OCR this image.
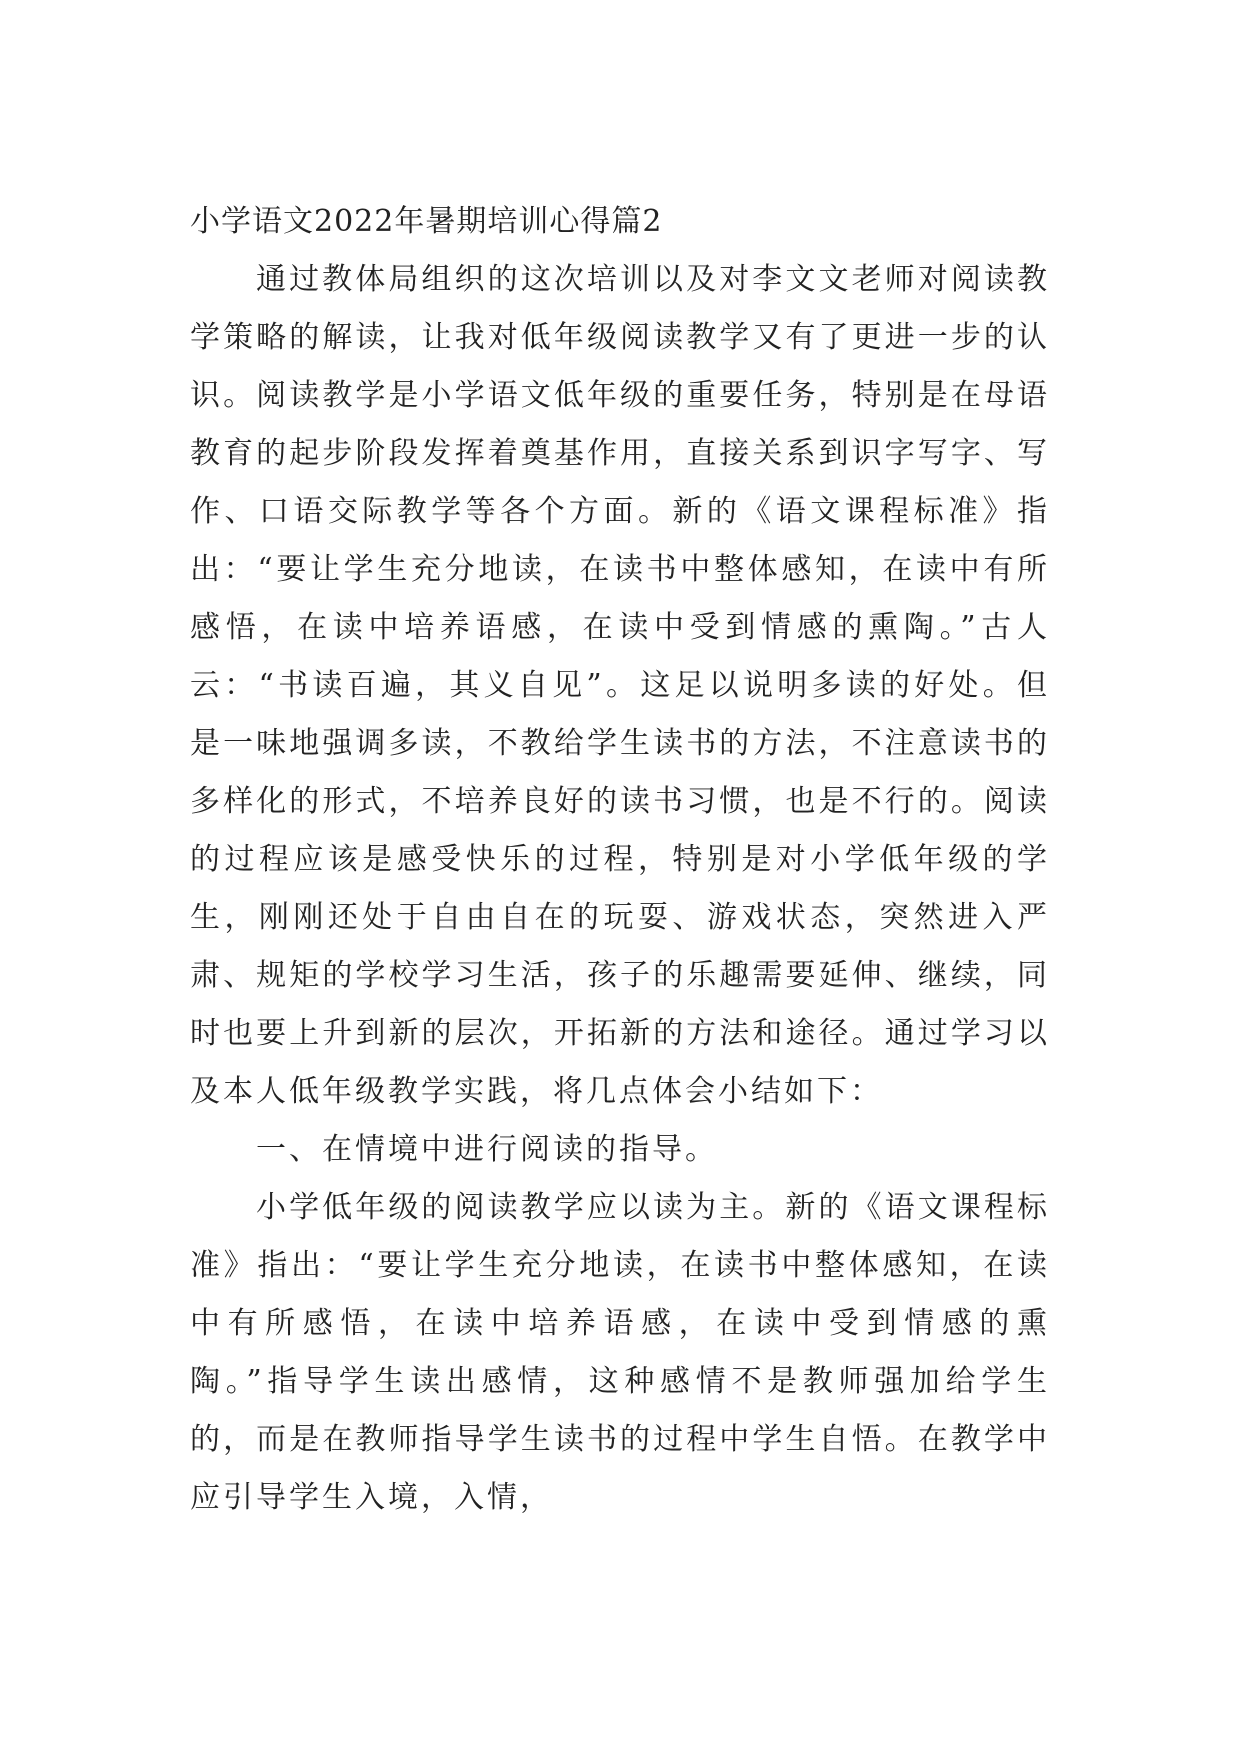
小学语文2022年暑期培训心得篇2

通过教体局组织的这次培训以及对李文文老师对阅读教学策略的解读，让我对低年级阅读教学又有了更进一步的认识。阅读教学是小学语文低年级的重要任务，特别是在母语教育的起步阶段发挥着奠基作用，直接关系到识字写字、写作、口语交际教学等各个方面。新的《语文课程标准》指出：“要让学生充分地读，在读书中整体感知，在读中有所感悟，在读中培养语感，在读中受到情感的熏陶。”古人云：“书读百遍，其义自见”。这足以说明多读的好处。但是一味地强调多读，不教给学生读书的方法，不注意读书的多样化的形式，不培养良好的读书习惯，也是不行的。阅读的过程应该是感受快乐的过程，特别是对小学低年级的学生，刚刚还处于自由自在的玩耍、游戏状态，突然进入严肃、规矩的学校学习生活，孩子的乐趣需要延伸、继续，同时也要上升到新的层次，开拓新的方法和途径。通过学习以及本人低年级教学实践，将几点体会小结如下：

一、在情境中进行阅读的指导。

小学低年级的阅读教学应以读为主。新的《语文课程标准》指出：“要让学生充分地读，在读书中整体感知，在读中有所感悟，在读中培养语感，在读中受到情感的熏陶。”指导学生读出感情，这种感情不是教师强加给学生的，而是在教师指导学生读书的过程中学生自悟。在教学中应引导学生入境，入情，
